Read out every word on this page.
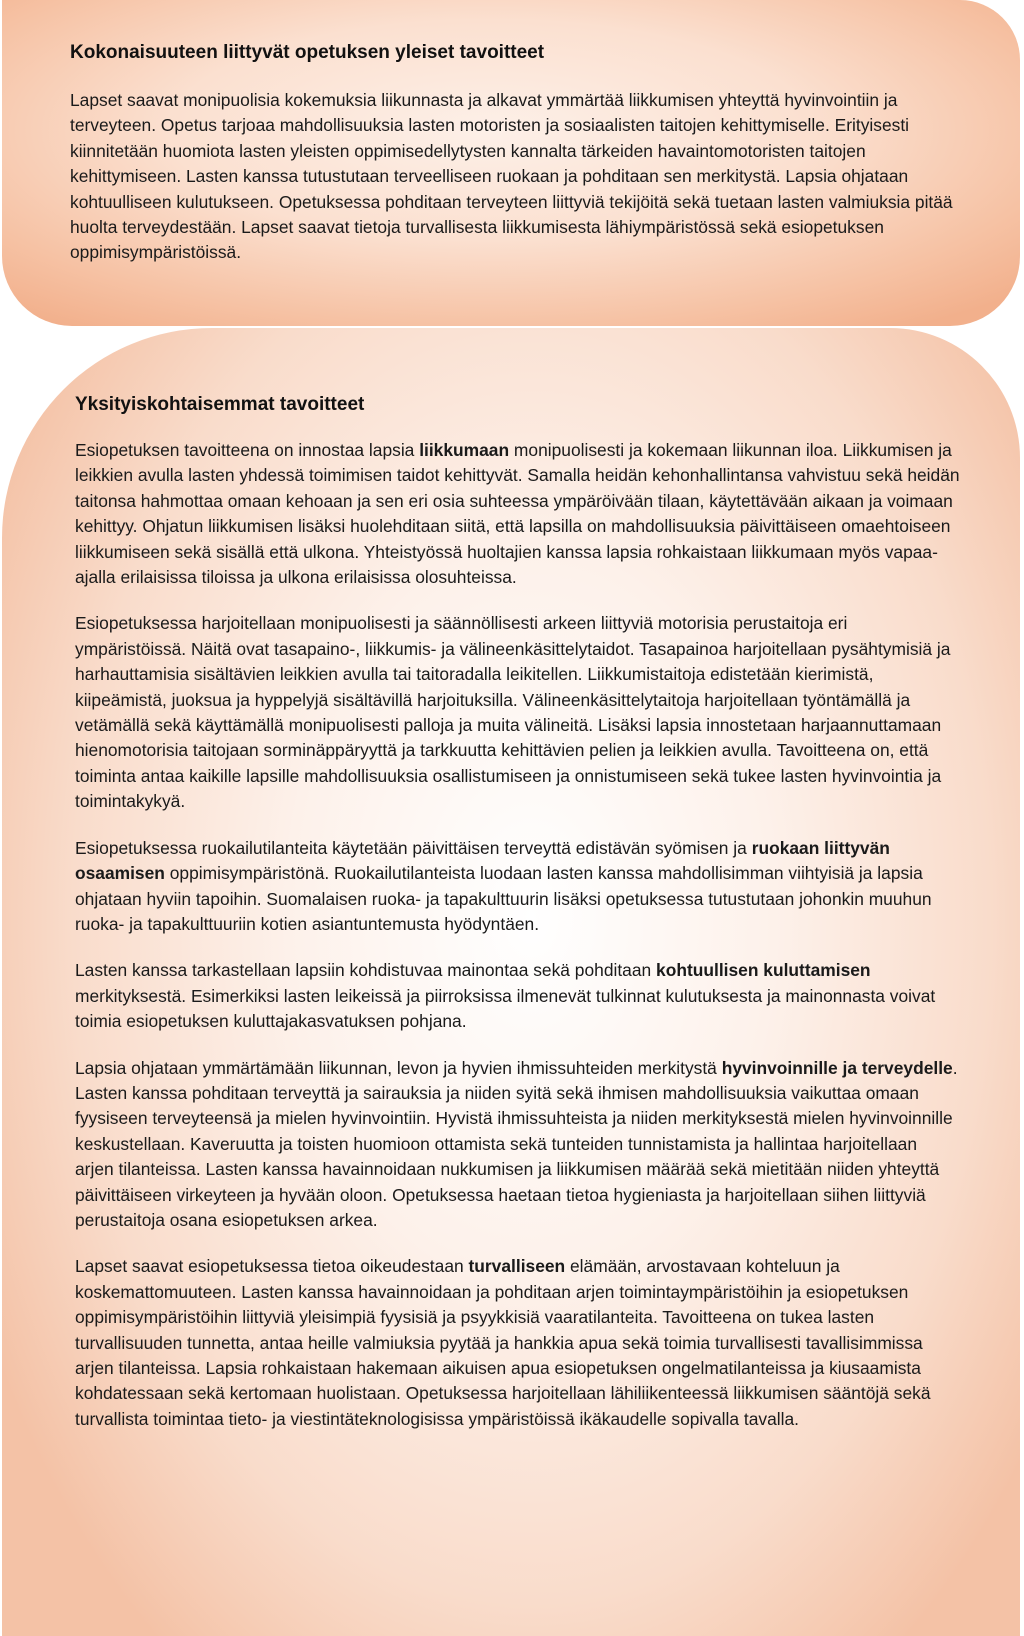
Kokonaisuuteen liittyvät opetuksen yleiset tavoitteet
Lapset saavat monipuolisia kokemuksia liikunnasta ja alkavat ymmärtää liikkumisen yhteyttä hyvinvointiin ja terveyteen. Opetus tarjoaa mahdollisuuksia lasten motoristen ja sosiaalisten taitojen kehittymiselle. Erityisesti kiinnitetään huomiota lasten yleisten oppimisedellytysten kannalta tärkeiden havaintomotoristen taitojen kehittymiseen. Lasten kanssa tutustutaan terveelliseen ruokaan ja pohditaan sen merkitystä. Lapsia ohjataan kohtuulliseen kulutukseen. Opetuksessa pohditaan terveyteen liittyviä tekijöitä sekä tuetaan lasten valmiuksia pitää huolta terveydestään. Lapset saavat tietoja turvallisesta liikkumisesta lähiympäristössä sekä esiopetuksen oppimisympäristöissä.
Yksityiskohtaisemmat tavoitteet
Esiopetuksen tavoitteena on innostaa lapsia liikkumaan monipuolisesti ja kokemaan liikunnan iloa. Liikkumisen ja leikkien avulla lasten yhdessä toimimisen taidot kehittyvät. Samalla heidän kehonhallintansa vahvistuu sekä heidän taitonsa hahmottaa omaan kehoaan ja sen eri osia suhteessa ympäröivään tilaan, käytettävään aikaan ja voimaan kehittyy. Ohjatun liikkumisen lisäksi huolehditaan siitä, että lapsilla on mahdollisuuksia päivittäiseen omaehtoiseen liikkumiseen sekä sisällä että ulkona. Yhteistyössä huoltajien kanssa lapsia rohkaistaan liikkumaan myös vapaa-ajalla erilaisissa tiloissa ja ulkona erilaisissa olosuhteissa.
Esiopetuksessa harjoitellaan monipuolisesti ja säännöllisesti arkeen liittyviä motorisia perustaitoja eri ympäristöissä. Näitä ovat tasapaino-, liikkumis- ja välineenkäsittelytaidot. Tasapainoa harjoitellaan pysähtymisiä ja harhauttamisia sisältävien leikkien avulla tai taitoradalla leikitellen. Liikkumistaitoja edistetään kierimistä, kiipeämistä, juoksua ja hyppelyjä sisältävillä harjoituksilla. Välineenkäsittelytaitoja harjoitellaan työntämällä ja vetämällä sekä käyttämällä monipuolisesti palloja ja muita välineitä. Lisäksi lapsia innostetaan harjaannuttamaan hienomotorisia taitojaan sorminäppäryyttä ja tarkkuutta kehittävien pelien ja leikkien avulla. Tavoitteena on, että toiminta antaa kaikille lapsille mahdollisuuksia osallistumiseen ja onnistumiseen sekä tukee lasten hyvinvointia ja toimintakykyä.
Esiopetuksessa ruokailutilanteita käytetään päivittäisen terveyttä edistävän syömisen ja ruokaan liittyvän osaamisen oppimisympäristönä. Ruokailutilanteista luodaan lasten kanssa mahdollisimman viihtyisiä ja lapsia ohjataan hyviin tapoihin. Suomalaisen ruoka- ja tapakulttuurin lisäksi opetuksessa tutustutaan johonkin muuhun ruoka- ja tapakulttuuriin kotien asiantuntemusta hyödyntäen.
Lasten kanssa tarkastellaan lapsiin kohdistuvaa mainontaa sekä pohditaan kohtuullisen kuluttamisen merkityksestä. Esimerkiksi lasten leikeissä ja piirroksissa ilmenevät tulkinnat kulutuksesta ja mainonnasta voivat toimia esiopetuksen kuluttajakasvatuksen pohjana.
Lapsia ohjataan ymmärtämään liikunnan, levon ja hyvien ihmissuhteiden merkitystä hyvinvoinnille ja terveydelle. Lasten kanssa pohditaan terveyttä ja sairauksia ja niiden syitä sekä ihmisen mahdollisuuksia vaikuttaa omaan fyysiseen terveyteensä ja mielen hyvinvointiin. Hyvistä ihmissuhteista ja niiden merkityksestä mielen hyvinvoinnille keskustellaan. Kaveruutta ja toisten huomioon ottamista sekä tunteiden tunnistamista ja hallintaa harjoitellaan arjen tilanteissa. Lasten kanssa havainnoidaan nukkumisen ja liikkumisen määrää sekä mietitään niiden yhteyttä päivittäiseen virkeyteen ja hyvään oloon. Opetuksessa haetaan tietoa hygieniasta ja harjoitellaan siihen liittyviä perustaitoja osana esiopetuksen arkea.
Lapset saavat esiopetuksessa tietoa oikeudestaan turvalliseen elämään, arvostavaan kohteluun ja koskemattomuuteen. Lasten kanssa havainnoidaan ja pohditaan arjen toimintaympäristöihin ja esiopetuksen oppimisympäristöihin liittyviä yleisimpiä fyysisiä ja psyykkisiä vaaratilanteita. Tavoitteena on tukea lasten turvallisuuden tunnetta, antaa heille valmiuksia pyytää ja hankkia apua sekä toimia turvallisesti tavallisimmissa arjen tilanteissa. Lapsia rohkaistaan hakemaan aikuisen apua esiopetuksen ongelmatilanteissa ja kiusaamista kohdatessaan sekä kertomaan huolistaan. Opetuksessa harjoitellaan lähiliikenteessä liikkumisen sääntöjä sekä turvallista toimintaa tieto- ja viestintäteknologisissa ympäristöissä ikäkaudelle sopivalla tavalla.
